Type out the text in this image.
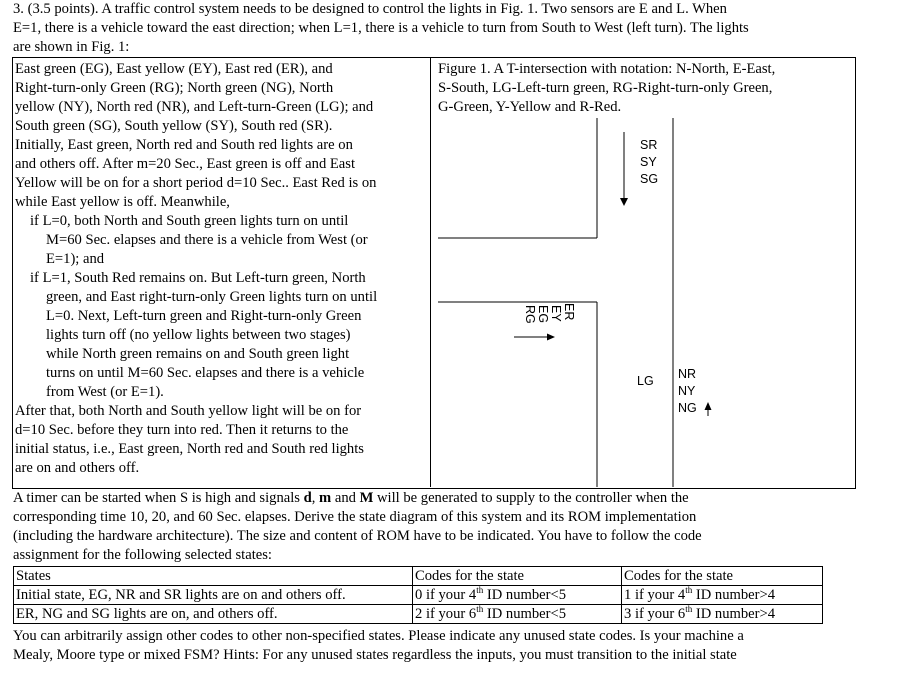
3. (3.5 points). A traffic control system needs to be designed to control the lights in Fig. 1. Two sensors are E and L. When
E=1, there is a vehicle toward the east direction; when L=1, there is a vehicle to turn from South to West (left turn). The lights
are shown in Fig. 1:
East green (EG), East yellow (EY), East red (ER), and
Right-turn-only Green (RG); North green (NG), North
yellow (NY), North red (NR), and Left-turn-Green (LG); and
South green (SG), South yellow (SY), South red (SR).
Initially, East green, North red and South red lights are on
and others off. After m=20 Sec., East green is off and East
Yellow will be on for a short period d=10 Sec.. East Red is on
while East yellow is off. Meanwhile,
if L=0, both North and South green lights turn on until
M=60 Sec. elapses and there is a vehicle from West (or
E=1); and
if L=1, South Red remains on. But Left-turn green, North
green, and East right-turn-only Green lights turn on until
L=0. Next, Left-turn green and Right-turn-only Green
lights turn off (no yellow lights between two stages)
while North green remains on and South green light
turns on until M=60 Sec. elapses and there is a vehicle
from West (or E=1).
After that, both North and South yellow light will be on for
d=10 Sec. before they turn into red. Then it returns to the
initial status, i.e., East green, North red and South red lights
are on and others off.
Figure 1. A T-intersection with notation: N-North, E-East,
S-South, LG-Left-turn green, RG-Right-turn-only Green,
G-Green, Y-Yellow and R-Red.
SR
SY
SG
ER
EY
EG
RG
LG NR
NY
NG
A timer can be started when S is high and signals d, m and M will be generated to supply to the controller when the
corresponding time 10, 20, and 60 Sec. elapses. Derive the state diagram of this system and its ROM implementation
(including the hardware architecture). The size and content of ROM have to be indicated. You have to follow the code
assignment for the following selected states:
States	Codes for the state	Codes for the state
Initial state, EG, NR and SR lights are on and others off.	0 if your 4th ID number<5	1 if your 4th ID number>4
ER, NG and SG lights are on, and others off.	2 if your 6th ID number<5	3 if your 6th ID number>4
You can arbitrarily assign other codes to other non-specified states. Please indicate any unused state codes. Is your machine a
Mealy, Moore type or mixed FSM? Hints: For any unused states regardless the inputs, you must transition to the initial state
